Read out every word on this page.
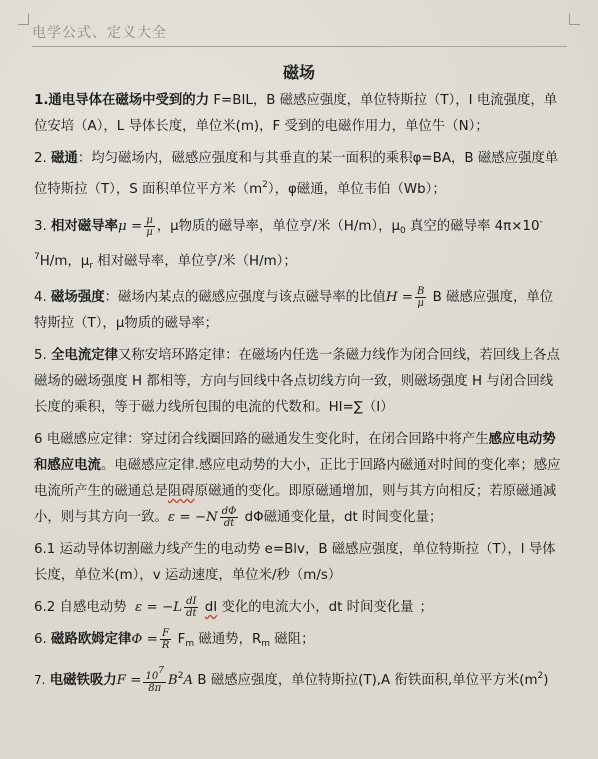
电学公式、定义大全
磁场

1.通电导体在磁场中受到的力 F=BIL，B 磁感应强度，单位特斯拉（T），I 电流强度，单位安培（A），L 导体长度，单位米(m)，F 受到的电磁作用力，单位牛（N）；

2. 磁通：均匀磁场内，磁感应强度和与其垂直的某一面积的乘积φ=BA，B 磁感应强度单位特斯拉（T），S 面积单位平方米$(m^2)$，φ磁通，单位韦伯（Wb）；

3. 相对磁导率$\mu = \frac{\mu}{\mu}$ ，μ物质的磁导率，单位亨/米（H/m），$\mu_0$ 真空的磁导率 $4\pi\times 10^{-7}H/m$，$\mu_r$ 相对磁导率，单位亨/米（H/m）；

4. 磁场强度：磁场内某点的磁感应强度与该点磁导率的比值$H = \frac{B}{\mu}$ B 磁感应强度，单位特斯拉（T），μ物质的磁导率；

5. 全电流定律又称安培环路定律：在磁场内任选一条磁力线作为闭合回线，若回线上各点磁场的磁场强度 H 都相等，方向与回线中各点切线方向一致，则磁场强度 H 与闭合回线长度的乘积，等于磁力线所包围的电流的代数和。HI=∑（I）

6 电磁感应定律：穿过闭合线圈回路的磁通发生变化时，在闭合回路中将产生感应电动势和感应电流。电磁感应定律.感应电动势的大小，正比于回路内磁通对时间的变化率；感应电流所产生的磁通总是阻碍原磁通的变化。即原磁通增加，则与其方向相反；若原磁通减小，则与其方向一致。$\varepsilon = -N \frac{d\Phi}{dt}$ dΦ磁通变化量，dt 时间变化量；

6.1 运动导体切割磁力线产生的电动势 e=Blv，B 磁感应强度，单位特斯拉（T），l 导体长度，单位米(m），v 运动速度，单位米/秒（m/s）

6.2 自感电动势 $\varepsilon = -L \frac{dI}{dt}$ dI 变化的电流大小，dt 时间变化量 ；

6. 磁路欧姆定律$\Phi = \frac{F}{R} F_m$ 磁通势，$R_m$ 磁阻；

7. 电磁铁吸力$F = \frac{107}{8\pi} B^2A$ B 磁感应强度，单位特斯拉(T),A 衔铁面积,单位平方米$(m^2)$
